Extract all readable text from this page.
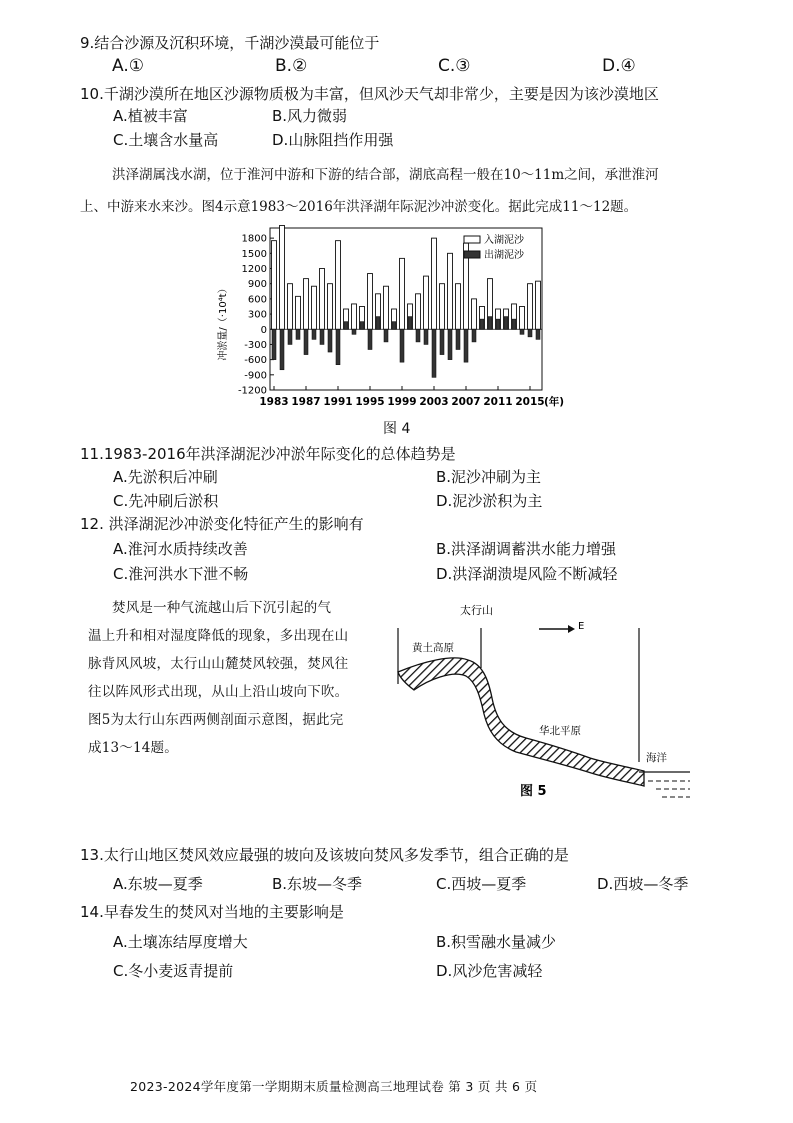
9.结合沙源及沉积环境，千湖沙漠最可能位于
A.①	B.②	C.③	D.④
10.千湖沙漠所在地区沙源物质极为丰富，但风沙天气却非常少，主要是因为该沙漠地区
A.植被丰富	B.风力微弱
C.土壤含水量高	D.山脉阻挡作用强
洪泽湖属浅水湖，位于淮河中游和下游的结合部，湖底高程一般在10～11m之间，承泄淮河
上、中游来水来沙。图4示意1983～2016年洪泽湖年际泥沙冲淤变化。据此完成11～12题。
冲淤量/（·10⁴t）
1800
1500
1200
900
600
300
0
-300
-600
-900
-1200
1983 1987 1991 1995 1999 2003 2007 2011 2015 (年)
入湖泥沙
出湖泥沙
图 4
11.1983-2016年洪泽湖泥沙冲淤年际变化的总体趋势是
A.先淤积后冲刷	B.泥沙冲刷为主
C.先冲刷后淤积	D.泥沙淤积为主
12. 洪泽湖泥沙冲淤变化特征产生的影响有
A.淮河水质持续改善	B.洪泽湖调蓄洪水能力增强
C.淮河洪水下泄不畅	D.洪泽湖溃堤风险不断减轻
焚风是一种气流越山后下沉引起的气
温上升和相对湿度降低的现象，多出现在山
脉背风风坡，太行山山麓焚风较强，焚风往
往以阵风形式出现，从山上沿山坡向下吹。
图5为太行山东西两侧剖面示意图，据此完
成13～14题。
太行山
E
黄土高原
华北平原
海洋
图 5
13.太行山地区焚风效应最强的坡向及该坡向焚风多发季节，组合正确的是
A.东坡—夏季	B.东坡—冬季	C.西坡—夏季	D.西坡—冬季
14.早春发生的焚风对当地的主要影响是
A.土壤冻结厚度增大	B.积雪融水量减少
C.冬小麦返青提前	D.风沙危害减轻
2023-2024学年度第一学期期末质量检测高三地理试卷 第 3 页 共 6 页
